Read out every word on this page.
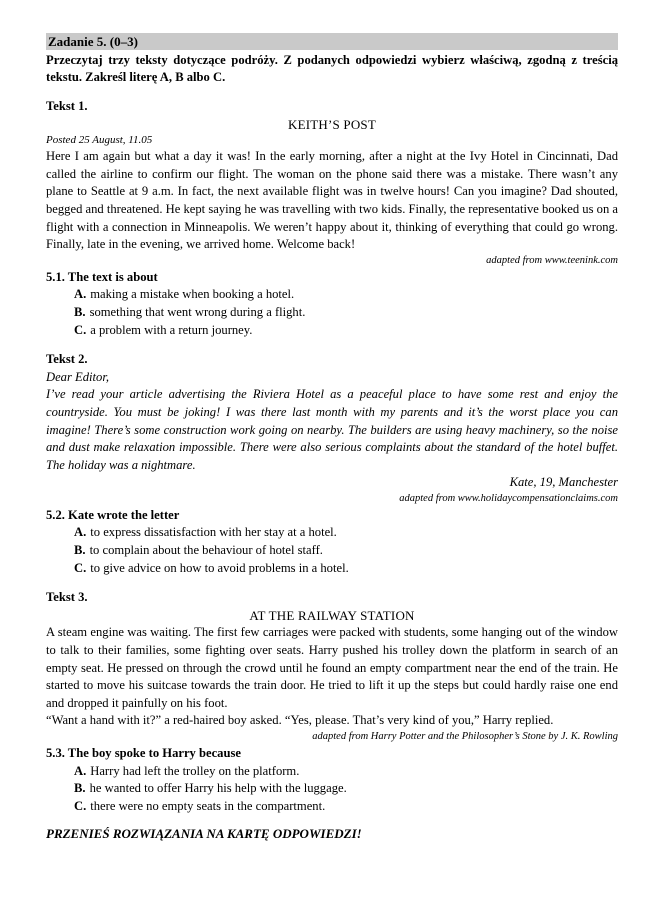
Zadanie 5. (0–3)

Przeczytaj trzy teksty dotyczące podróży. Z podanych odpowiedzi wybierz właściwą, zgodną z treścią tekstu. Zakreśl literę A, B albo C.

Tekst 1.
KEITH’S POST
Posted 25 August, 11.05

Here I am again but what a day it was! In the early morning, after a night at the Ivy Hotel in Cincinnati, Dad called the airline to confirm our flight. The woman on the phone said there was a mistake. There wasn’t any plane to Seattle at 9 a.m. In fact, the next available flight was in twelve hours! Can you imagine? Dad shouted, begged and threatened. He kept saying he was travelling with two kids. Finally, the representative booked us on a flight with a connection in Minneapolis. We weren’t happy about it, thinking of everything that could go wrong. Finally, late in the evening, we arrived home. Welcome back!

adapted from www.teenink.com
5.1. The text is about
A. making a mistake when booking a hotel.
B. something that went wrong during a flight.
C. a problem with a return journey.
Tekst 2.
Dear Editor,

I’ve read your article advertising the Riviera Hotel as a peaceful place to have some rest and enjoy the countryside. You must be joking! I was there last month with my parents and it’s the worst place you can imagine! There’s some construction work going on nearby. The builders are using heavy machinery, so the noise and dust make relaxation impossible. There were also serious complaints about the standard of the hotel buffet. The holiday was a nightmare.

Kate, 19, Manchester
adapted from www.holidaycompensationclaims.com
5.2. Kate wrote the letter
A. to express dissatisfaction with her stay at a hotel.
B. to complain about the behaviour of hotel staff.
C. to give advice on how to avoid problems in a hotel.
Tekst 3.
AT THE RAILWAY STATION

A steam engine was waiting. The first few carriages were packed with students, some hanging out of the window to talk to their families, some fighting over seats. Harry pushed his trolley down the platform in search of an empty seat. He pressed on through the crowd until he found an empty compartment near the end of the train. He started to move his suitcase towards the train door. He tried to lift it up the steps but could hardly raise one end and dropped it painfully on his foot.

“Want a hand with it?” a red-haired boy asked. “Yes, please. That’s very kind of you,” Harry replied.

adapted from Harry Potter and the Philosopher’s Stone by J. K. Rowling
5.3. The boy spoke to Harry because
A. Harry had left the trolley on the platform.
B. he wanted to offer Harry his help with the luggage.
C. there were no empty seats in the compartment.
PRZENIEŚ ROZWIĄZANIA NA KARTĘ ODPOWIEDZI!
